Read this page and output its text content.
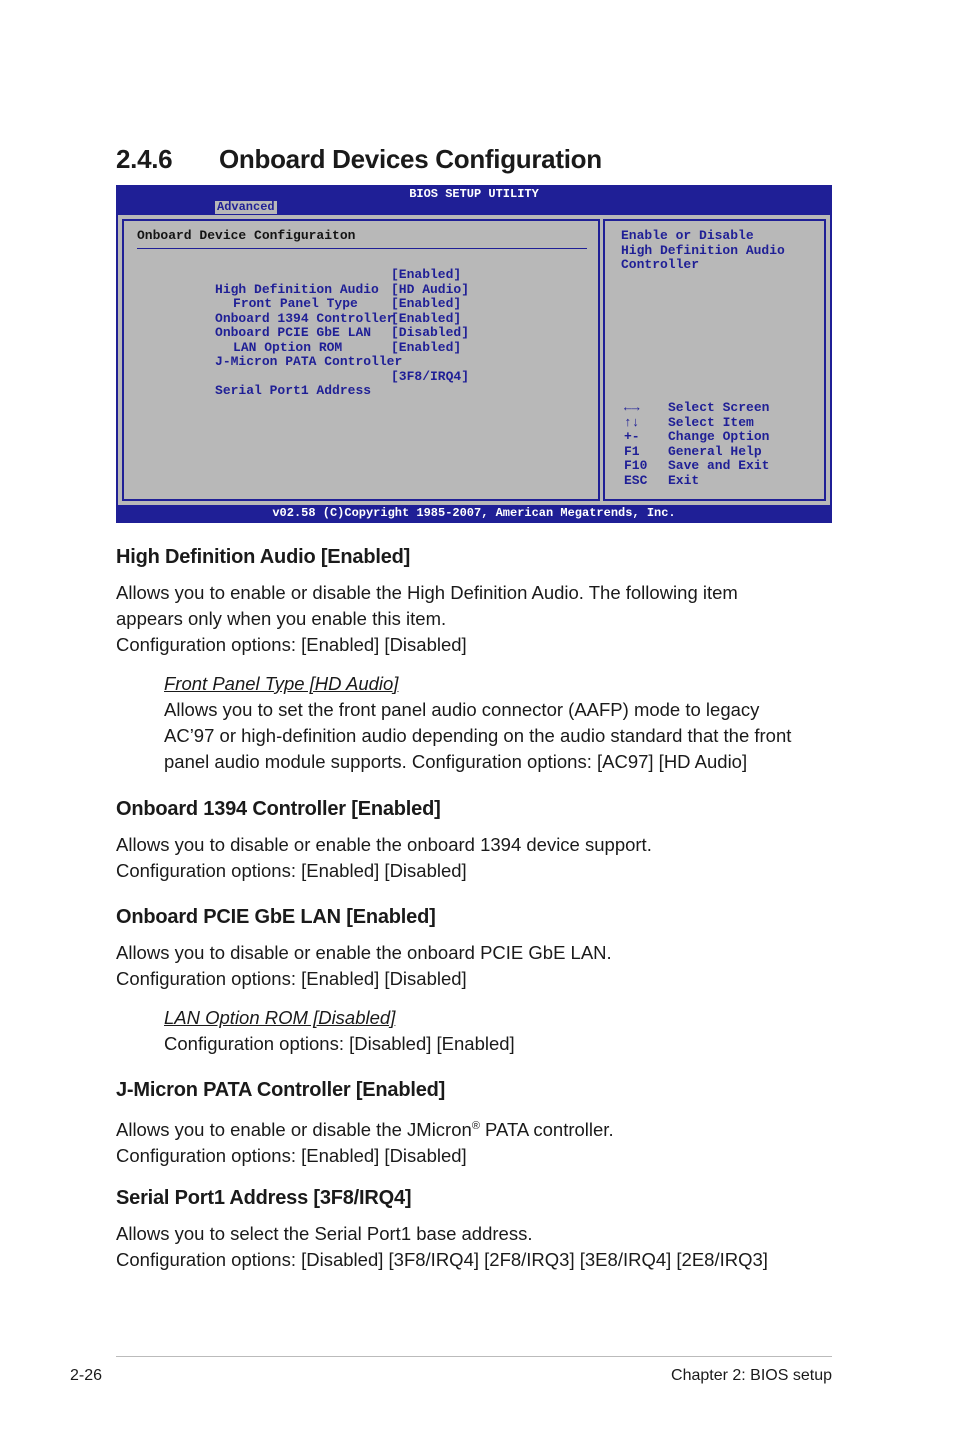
2.4.6	Onboard Devices Configuration
BIOS SETUP UTILITY
Advanced
Onboard Device Configuraiton

High Definition Audio

[Enabled]

Front Panel Type

[HD Audio]

Onboard 1394 Controller

[Enabled]

Onboard PCIE GbE LAN

[Enabled]

LAN Option ROM

[Disabled]

J-Micron PATA Controller

[Enabled]

Serial Port1 Address

[3F8/IRQ4]

Enable or Disable
High Definition Audio
Controller

←→

Select Screen

↑↓

Select Item

+-

Change Option

F1

General Help

F10

Save and Exit

ESC

Exit

v02.58 (C)Copyright 1985-2007, American Megatrends, Inc.
High Definition Audio [Enabled]
Allows you to enable or disable the High Definition Audio. The following item
appears only when you enable this item.
Configuration options: [Enabled] [Disabled]
Front Panel Type [HD Audio]
Allows you to set the front panel audio connector (AAFP) mode to legacy
AC’97 or high-definition audio depending on the audio standard that the front
panel audio module supports. Configuration options: [AC97] [HD Audio]
Onboard 1394 Controller [Enabled]
Allows you to disable or enable the onboard 1394 device support.
Configuration options: [Enabled] [Disabled]
Onboard PCIE GbE LAN [Enabled]
Allows you to disable or enable the onboard PCIE GbE LAN.
Configuration options: [Enabled] [Disabled]
LAN Option ROM [Disabled]
Configuration options: [Disabled] [Enabled]
J-Micron PATA Controller [Enabled]
Allows you to enable or disable the JMicron® PATA controller.
Configuration options: [Enabled] [Disabled]
Serial Port1 Address [3F8/IRQ4]
Allows you to select the Serial Port1 base address.
Configuration options: [Disabled] [3F8/IRQ4] [2F8/IRQ3] [3E8/IRQ4] [2E8/IRQ3]
2-26	Chapter 2: BIOS setup
